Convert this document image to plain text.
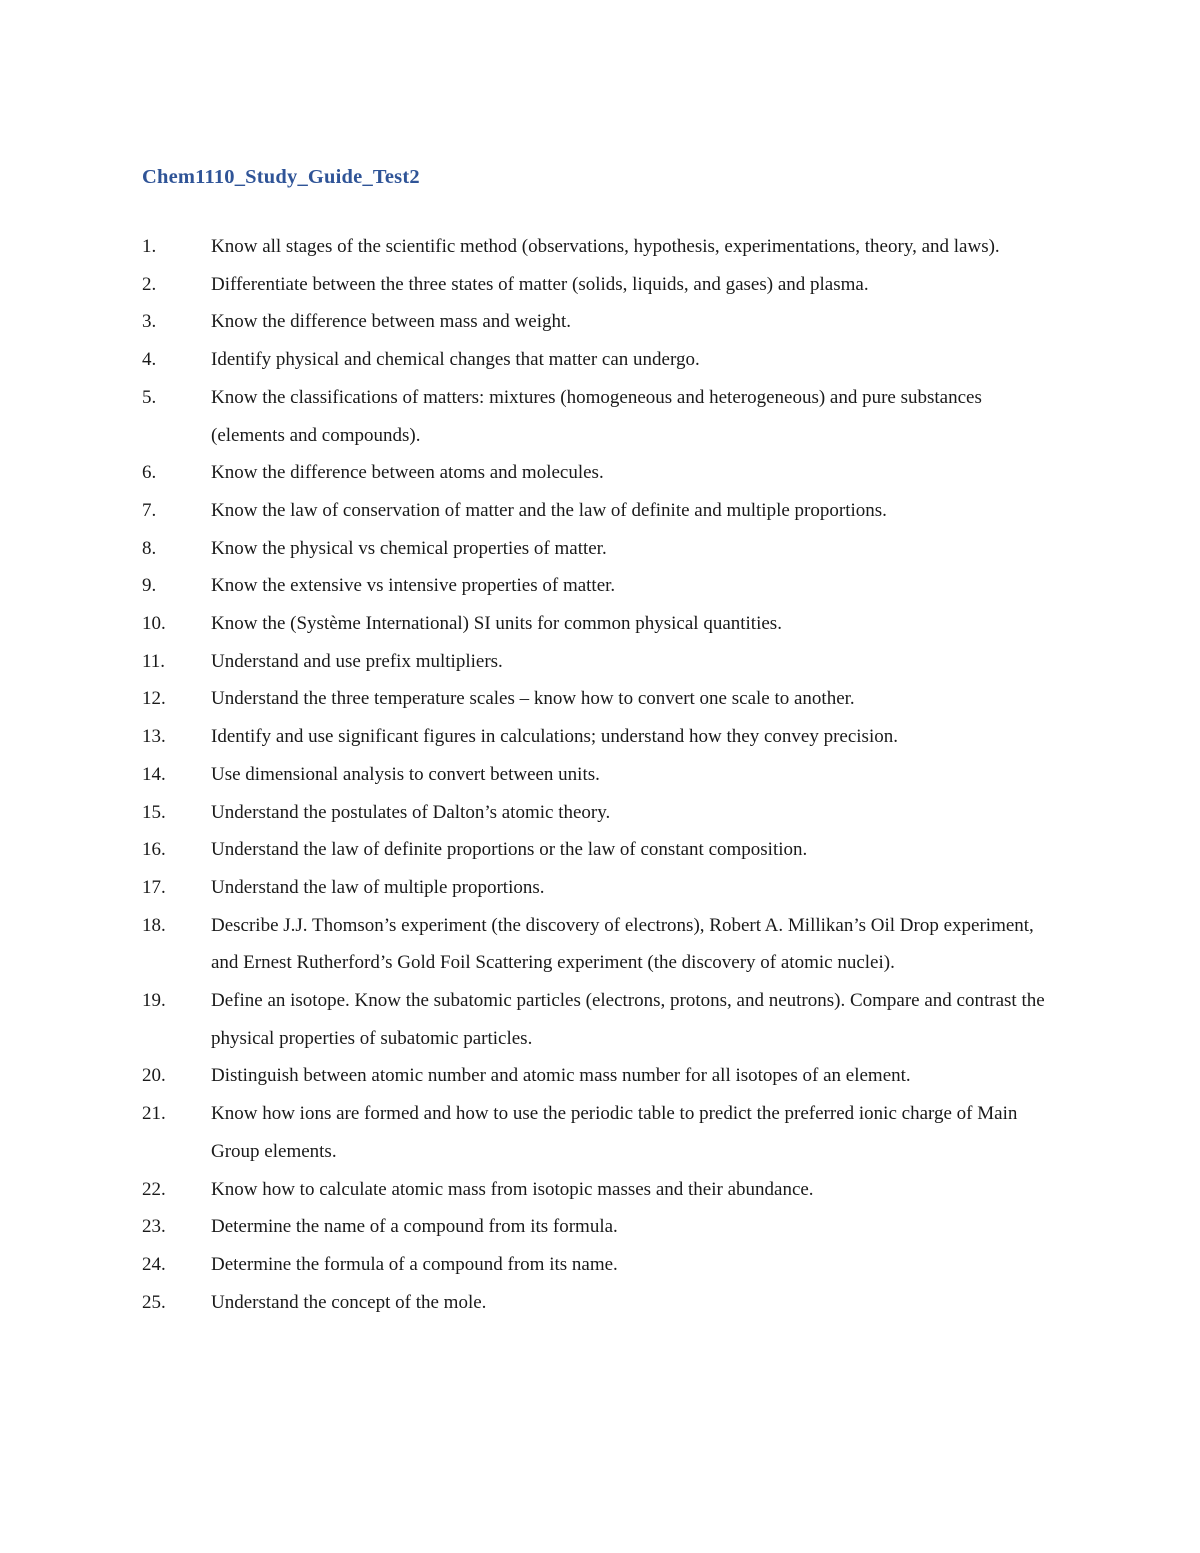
Chem1110_Study_Guide_Test2
1.	Know all stages of the scientific method (observations, hypothesis, experimentations, theory, and laws).
2.	Differentiate between the three states of matter (solids, liquids, and gases) and plasma.
3.	Know the difference between mass and weight.
4.	Identify physical and chemical changes that matter can undergo.
5.	Know the classifications of matters: mixtures (homogeneous and heterogeneous) and pure substances (elements and compounds).
6.	Know the difference between atoms and molecules.
7.	Know the law of conservation of matter and the law of definite and multiple proportions.
8.	Know the physical vs chemical properties of matter.
9.	Know the extensive vs intensive properties of matter.
10.	Know the (Système International) SI units for common physical quantities.
11.	Understand and use prefix multipliers.
12.	Understand the three temperature scales – know how to convert one scale to another.
13.	Identify and use significant figures in calculations; understand how they convey precision.
14.	Use dimensional analysis to convert between units.
15.	Understand the postulates of Dalton’s atomic theory.
16.	Understand the law of definite proportions or the law of constant composition.
17.	Understand the law of multiple proportions.
18.	Describe J.J. Thomson’s experiment (the discovery of electrons), Robert A. Millikan’s Oil Drop experiment, and Ernest Rutherford’s Gold Foil Scattering experiment (the discovery of atomic nuclei).
19.	Define an isotope. Know the subatomic particles (electrons, protons, and neutrons). Compare and contrast the physical properties of subatomic particles.
20.	Distinguish between atomic number and atomic mass number for all isotopes of an element.
21.	Know how ions are formed and how to use the periodic table to predict the preferred ionic charge of Main Group elements.
22.	Know how to calculate atomic mass from isotopic masses and their abundance.
23.	Determine the name of a compound from its formula.
24.	Determine the formula of a compound from its name.
25.	Understand the concept of the mole.
